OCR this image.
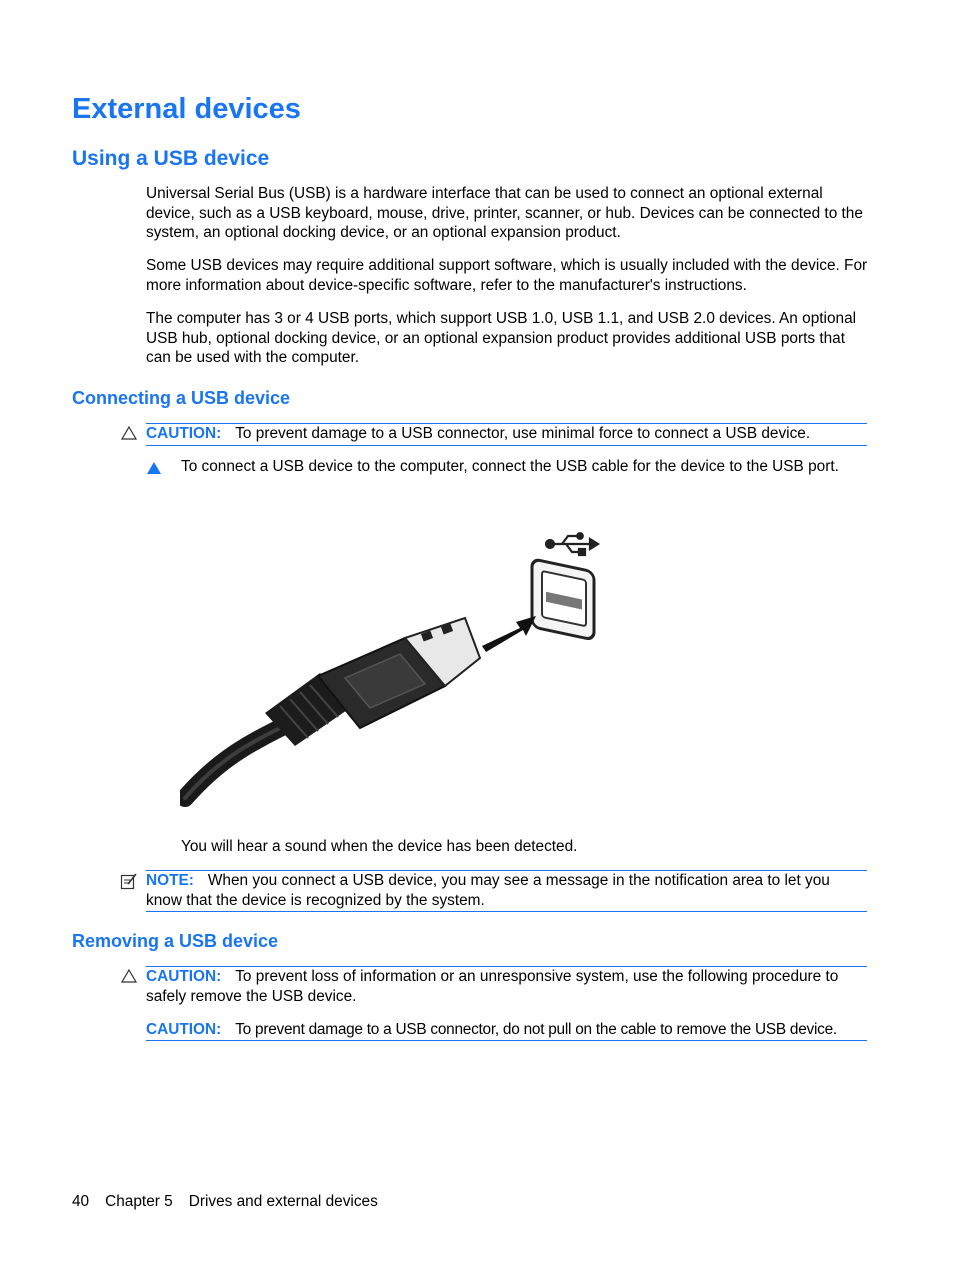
External devices
Using a USB device

Universal Serial Bus (USB) is a hardware interface that can be used to connect an optional external device, such as a USB keyboard, mouse, drive, printer, scanner, or hub. Devices can be connected to the system, an optional docking device, or an optional expansion product.

Some USB devices may require additional support software, which is usually included with the device. For more information about device-specific software, refer to the manufacturer's instructions.

The computer has 3 or 4 USB ports, which support USB 1.0, USB 1.1, and USB 2.0 devices. An optional USB hub, optional docking device, or an optional expansion product provides additional USB ports that can be used with the computer.

Connecting a USB device
CAUTION: To prevent damage to a USB connector, use minimal force to connect a USB device.
To connect a USB device to the computer, connect the USB cable for the device to the USB port.
You will hear a sound when the device has been detected.
NOTE: When you connect a USB device, you may see a message in the notification area to let you know that the device is recognized by the system.
Removing a USB device
CAUTION: To prevent loss of information or an unresponsive system, use the following procedure to safely remove the USB device.
CAUTION: To prevent damage to a USB connector, do not pull on the cable to remove the USB device.
40 Chapter 5 Drives and external devices
